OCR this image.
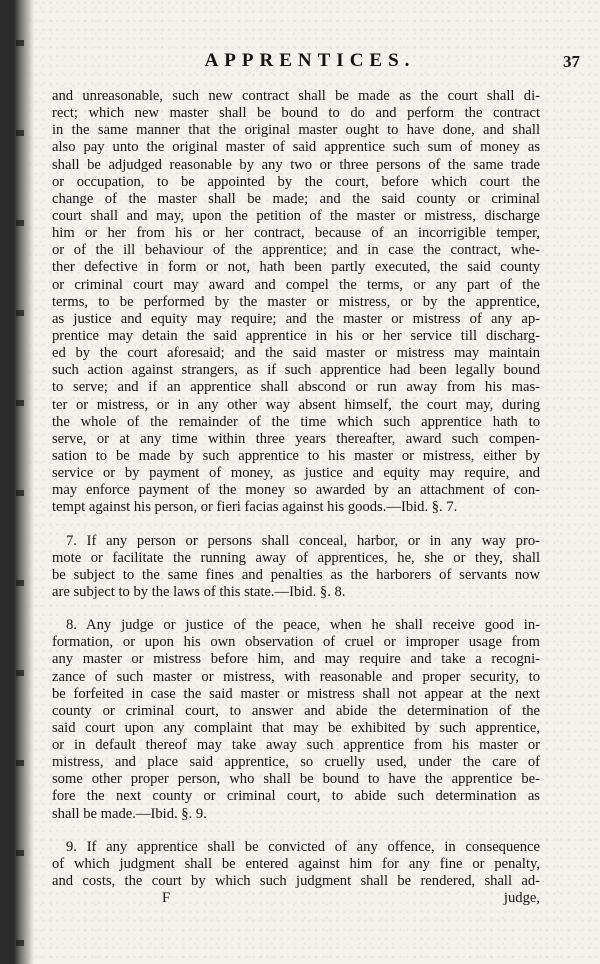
APPRENTICES.	37
and unreasonable, such new contract shall be made as the court shall di-
rect; which new master shall be bound to do and perform the contract
in the same manner that the original master ought to have done, and shall
also pay unto the original master of said apprentice such sum of money as
shall be adjudged reasonable by any two or three persons of the same trade
or occupation, to be appointed by the court, before which court the
change of the master shall be made; and the said county or criminal
court shall and may, upon the petition of the master or mistress, discharge
him or her from his or her contract, because of an incorrigible temper,
or of the ill behaviour of the apprentice; and in case the contract, whe-
ther defective in form or not, hath been partly executed, the said county
or criminal court may award and compel the terms, or any part of the
terms, to be performed by the master or mistress, or by the apprentice,
as justice and equity may require; and the master or mistress of any ap-
prentice may detain the said apprentice in his or her service till discharg-
ed by the court aforesaid; and the said master or mistress may maintain
such action against strangers, as if such apprentice had been legally bound
to serve; and if an apprentice shall abscond or run away from his mas-
ter or mistress, or in any other way absent himself, the court may, during
the whole of the remainder of the time which such apprentice hath to
serve, or at any time within three years thereafter, award such compen-
sation to be made by such apprentice to his master or mistress, either by
service or by payment of money, as justice and equity may require, and
may enforce payment of the money so awarded by an attachment of con-
tempt against his person, or fieri facias against his goods.—Ibid. §. 7.
7. If any person or persons shall conceal, harbor, or in any way pro-
mote or facilitate the running away of apprentices, he, she or they, shall
be subject to the same fines and penalties as the harborers of servants now
are subject to by the laws of this state.—Ibid. §. 8.
8. Any judge or justice of the peace, when he shall receive good in-
formation, or upon his own observation of cruel or improper usage from
any master or mistress before him, and may require and take a recogni-
zance of such master or mistress, with reasonable and proper security, to
be forfeited in case the said master or mistress shall not appear at the next
county or criminal court, to answer and abide the determination of the
said court upon any complaint that may be exhibited by such apprentice,
or in default thereof may take away such apprentice from his master or
mistress, and place said apprentice, so cruelly used, under the care of
some other proper person, who shall be bound to have the apprentice be-
fore the next county or criminal court, to abide such determination as
shall be made.—Ibid. §. 9.
9. If any apprentice shall be convicted of any offence, in consequence
of which judgment shall be entered against him for any fine or penalty,
and costs, the court by which such judgment shall be rendered, shall ad-
F	judge,
